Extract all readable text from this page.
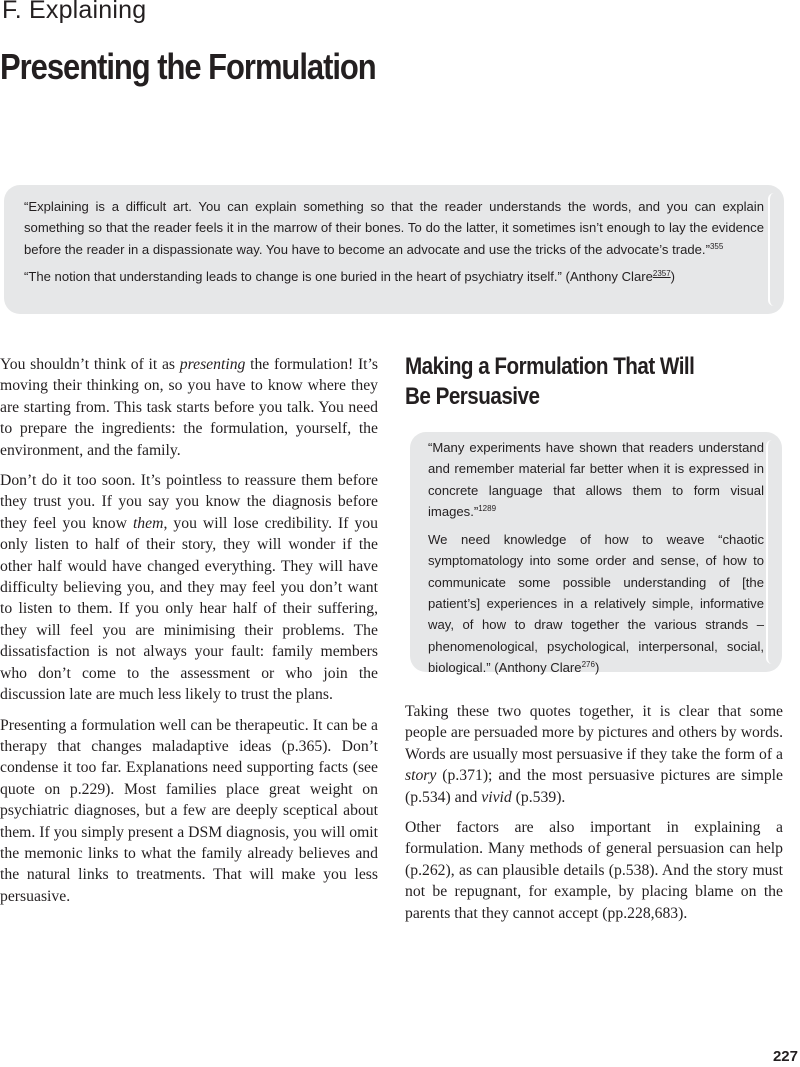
F. Explaining
Presenting the Formulation

“Explaining is a difficult art. You can explain something so that the reader understands the words, and you can explain something so that the reader feels it in the marrow of their bones. To do the latter, it sometimes isn’t enough to lay the evidence before the reader in a dispassionate way. You have to become an advocate and use the tricks of the advocate’s trade.”$^{355}$

“The notion that understanding leads to change is one buried in the heart of psychiatry itself.” (Anthony Clare$^{2357}$)

You shouldn’t think of it as presenting the formulation! It’s moving their thinking on, so you have to know where they are starting from. This task starts before you talk. You need to prepare the ingredients: the formulation, yourself, the environment, and the family.

Don’t do it too soon. It’s pointless to reassure them before they trust you. If you say you know the diagnosis before they feel you know them, you will lose credibility. If you only listen to half of their story, they will wonder if the other half would have changed everything. They will have difficulty believing you, and they may feel you don’t want to listen to them. If you only hear half of their suffering, they will feel you are minimising their problems. The dissatisfaction is not always your fault: family members who don’t come to the assessment or who join the discussion late are much less likely to trust the plans.

Presenting a formulation well can be therapeutic. It can be a therapy that changes maladaptive ideas (p.365). Don’t condense it too far. Explanations need supporting facts (see quote on p.229). Most families place great weight on psychiatric diagnoses, but a few are deeply sceptical about them. If you simply present a DSM diagnosis, you will omit the memonic links to what the family already believes and the natural links to treatments. That will make you less persuasive.

Making a Formulation That Will Be Persuasive

“Many experiments have shown that readers understand and remember material far better when it is expressed in concrete language that allows them to form visual images.”$^{1289}$

We need knowledge of how to weave “chaotic symptomatology into some order and sense, of how to communicate some possible understanding of [the patient’s] experiences in a relatively simple, informative way, of how to draw together the various strands – phenomenological, psychological, interpersonal, social, biological.” (Anthony Clare$^{276}$)

Taking these two quotes together, it is clear that some people are persuaded more by pictures and others by words. Words are usually most persuasive if they take the form of a story (p.371); and the most persuasive pictures are simple (p.534) and vivid (p.539).

Other factors are also important in explaining a formulation. Many methods of general persuasion can help (p.262), as can plausible details (p.538). And the story must not be repugnant, for example, by placing blame on the parents that they cannot accept (pp.228,683).

227
